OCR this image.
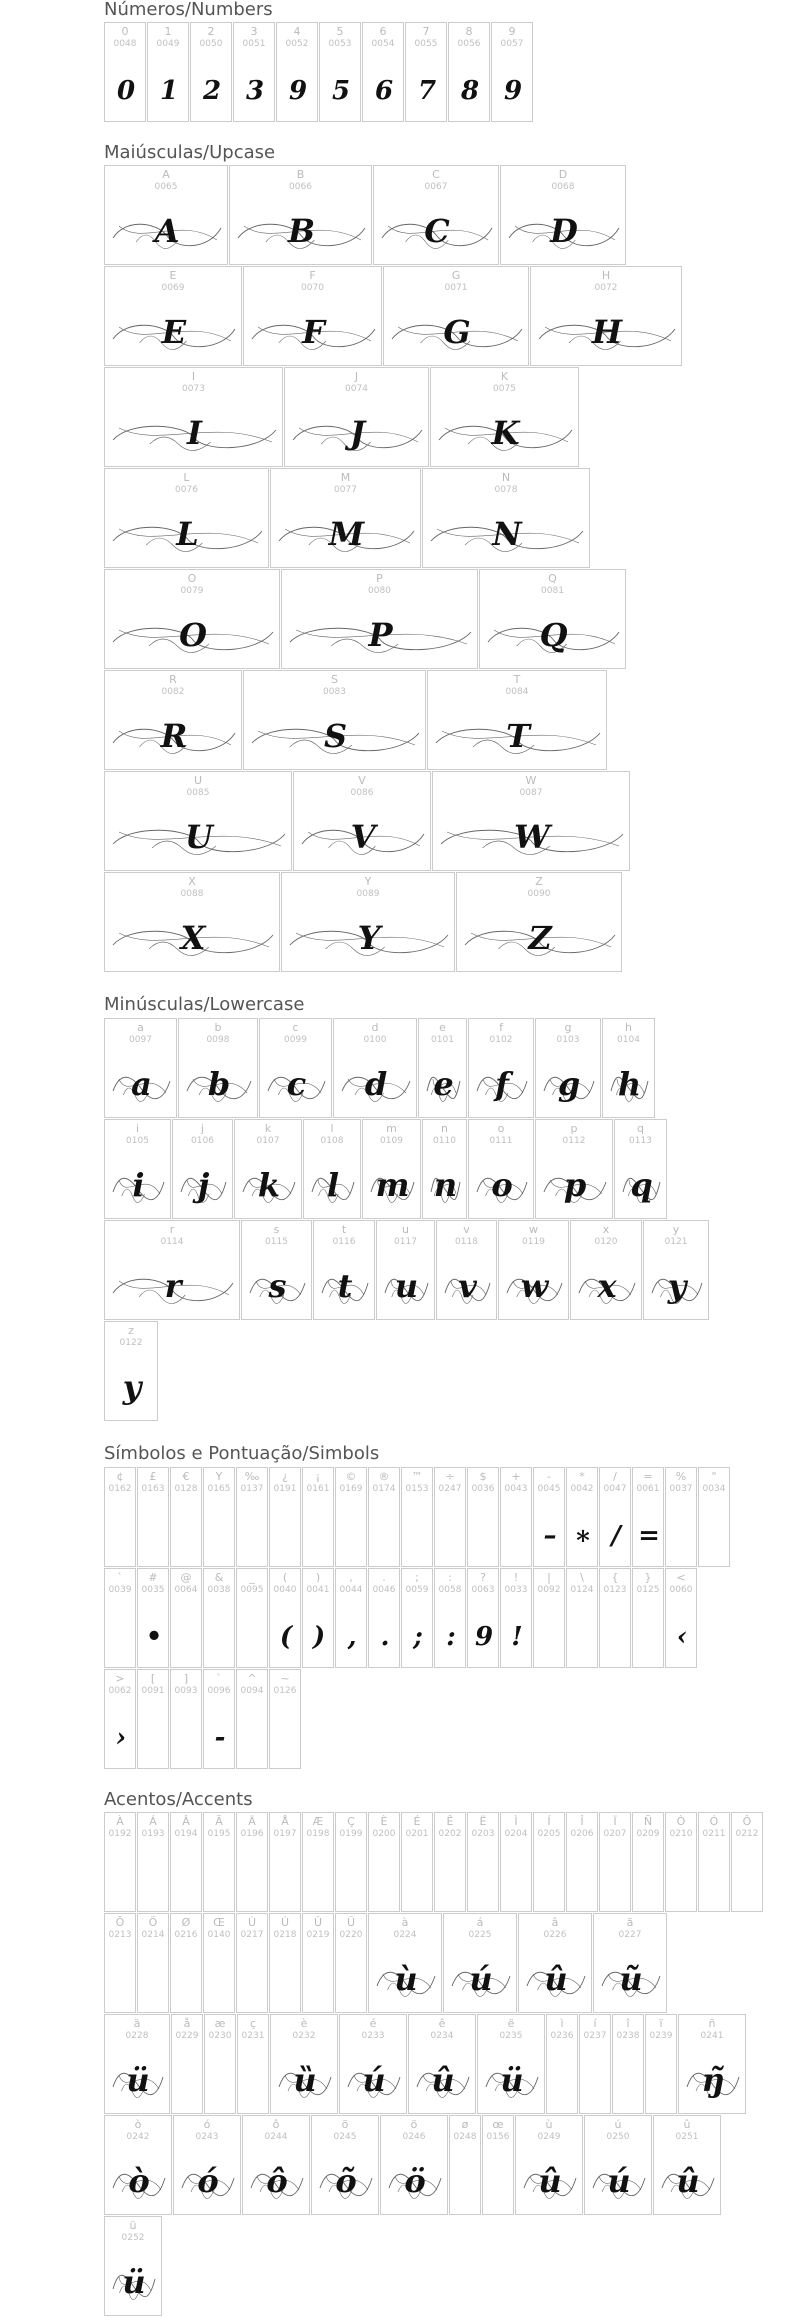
Números/Numbers
Maiúsculas/Upcase
Minúsculas/Lowercase
Símbolos e Pontuação/Simbols
Acentos/Accents
0
0048
0
1
0049
1
2
0050
2
3
0051
3
4
0052
9
5
0053
5
6
0054
6
7
0055
7
8
0056
8
9
0057
9
A
0065
A
B
0066
B
C
0067
C
D
0068
D
E
0069
E
F
0070
F
G
0071
G
H
0072
H
I
0073
I
J
0074
J
K
0075
K
L
0076
L
M
0077
M
N
0078
N
O
0079
O
P
0080
P
Q
0081
Q
R
0082
R
S
0083
S
T
0084
T
U
0085
U
V
0086
V
W
0087
W
X
0088
X
Y
0089
Y
Z
0090
Z
a
0097
a
b
0098
b
c
0099
c
d
0100
d
e
0101
e
f
0102
f
g
0103
g
h
0104
h
i
0105
i
j
0106
j
k
0107
k
l
0108
l
m
0109
m
n
0110
n
o
0111
o
p
0112
p
q
0113
q
r
0114
r
s
0115
s
t
0116
t
u
0117
u
v
0118
v
w
0119
w
x
0120
x
y
0121
y
z
0122
y
¢
0162
£
0163
€
0128
Y
0165
‰
0137
¿
0191
¡
0161
©
0169
®
0174
™
0153
÷
0247
$
0036
+
0043
-
0045
–
*
0042
∗
/
0047
/
=
0061
=
%
0037
"
0034
`
0039
#
0035
•
@
0064
&
0038
_
0095
(
0040
(
)
0041
)
,
0044
,
.
0046
.
;
0059
;
:
0058
:
?
0063
9
!
0033
!
|
0092
\
0124
{
0123
}
0125
<
0060
‹
>
0062
›
[
0091
]
0093
`
0096
-
^
0094
~
0126
À
0192
Á
0193
Â
0194
Ã
0195
Ä
0196
Å
0197
Æ
0198
Ç
0199
È
0200
É
0201
Ê
0202
Ë
0203
Ì
0204
Í
0205
Î
0206
Ï
0207
Ñ
0209
Ò
0210
Ó
0211
Ô
0212
Õ
0213
Ö
0214
Ø
0216
Œ
0140
Ù
0217
Ú
0218
Û
0219
Ü
0220
à
0224
ù
á
0225
ú
â
0226
û
ã
0227
ũ
ä
0228
ü
å
0229
æ
0230
ç
0231
è
0232
ȕ
é
0233
ú
ê
0234
û
ë
0235
ü
ì
0236
í
0237
î
0238
ï
0239
ñ
0241
ŋ̃
ò
0242
ò
ó
0243
ó
ô
0244
ô
õ
0245
õ
ö
0246
ö
ø
0248
œ
0156
ù
0249
û
ú
0250
ú
û
0251
û
ü
0252
ü
